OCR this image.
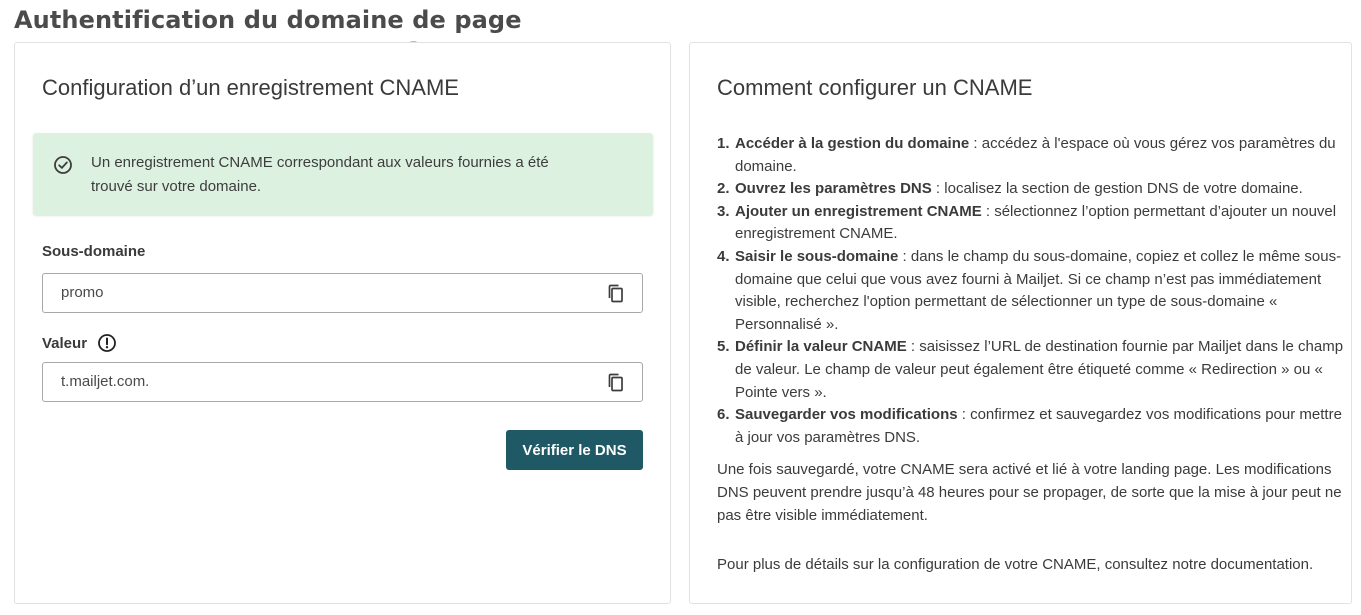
Authentification du domaine de page
Configuration d’un enregistrement CNAME

Un enregistrement CNAME correspondant aux valeurs fournies a été trouvé sur votre domaine.

Sous-domaine
promo
Valeur
t.mailjet.com.
Vérifier le DNS
Comment configurer un CNAME
1. Accéder à la gestion du domaine : accédez à l'espace où vous gérez vos paramètres du domaine.
2. Ouvrez les paramètres DNS : localisez la section de gestion DNS de votre domaine.
3. Ajouter un enregistrement CNAME : sélectionnez l’option permettant d’ajouter un nouvel enregistrement CNAME.
4. Saisir le sous-domaine : dans le champ du sous-domaine, copiez et collez le même sous-domaine que celui que vous avez fourni à Mailjet. Si ce champ n’est pas immédiatement visible, recherchez l'option permettant de sélectionner un type de sous-domaine « Personnalisé ».
5. Définir la valeur CNAME : saisissez l’URL de destination fournie par Mailjet dans le champ de valeur. Le champ de valeur peut également être étiqueté comme « Redirection » ou « Pointe vers ».
6. Sauvegarder vos modifications : confirmez et sauvegardez vos modifications pour mettre à jour vos paramètres DNS.

Une fois sauvegardé, votre CNAME sera activé et lié à votre landing page. Les modifications DNS peuvent prendre jusqu’à 48 heures pour se propager, de sorte que la mise à jour peut ne pas être visible immédiatement.

Pour plus de détails sur la configuration de votre CNAME, consultez notre documentation.
